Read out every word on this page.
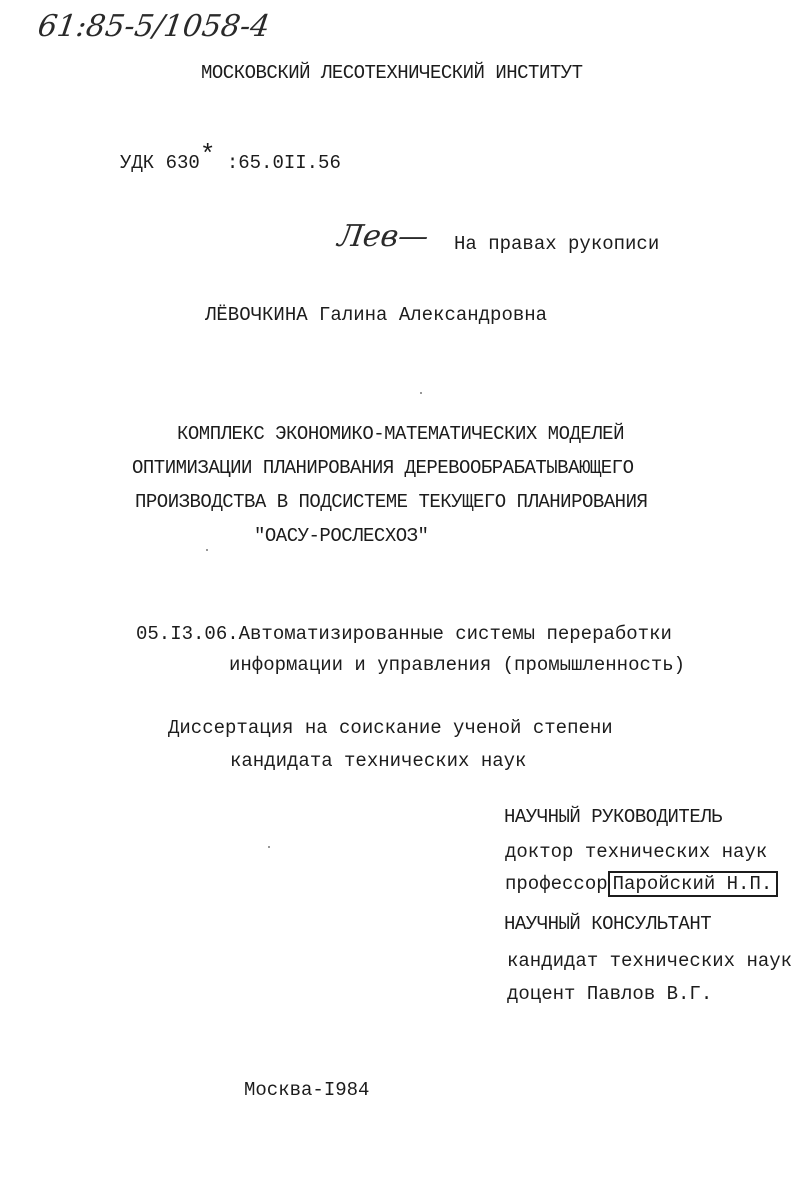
61:85-5/1058-4
МОСКОВСКИЙ ЛЕСОТЕХНИЧЕСКИЙ ИНСТИТУТ
УДК 630* :65.0II.56
Лев— На правах рукописи
ЛЁВОЧКИНА Галина Александровна
КОМПЛЕКС ЭКОНОМИКО-МАТЕМАТИЧЕСКИХ МОДЕЛЕЙ
ОПТИМИЗАЦИИ ПЛАНИРОВАНИЯ ДЕРЕВООБРАБАТЫВАЮЩЕГО
ПРОИЗВОДСТВА В ПОДСИСТЕМЕ ТЕКУЩЕГО ПЛАНИРОВАНИЯ
"ОАСУ-РОСЛЕСХОЗ"
05.I3.06.Автоматизированные системы переработки
информации и управления (промышленность)
Диссертация на соискание ученой степени
кандидата технических наук
НАУЧНЫЙ РУКОВОДИТЕЛЬ
доктор технических наук
профессор Паройский Н.П.
НАУЧНЫЙ КОНСУЛЬТАНТ
кандидат технических наук
доцент Павлов В.Г.
Москва-I984
